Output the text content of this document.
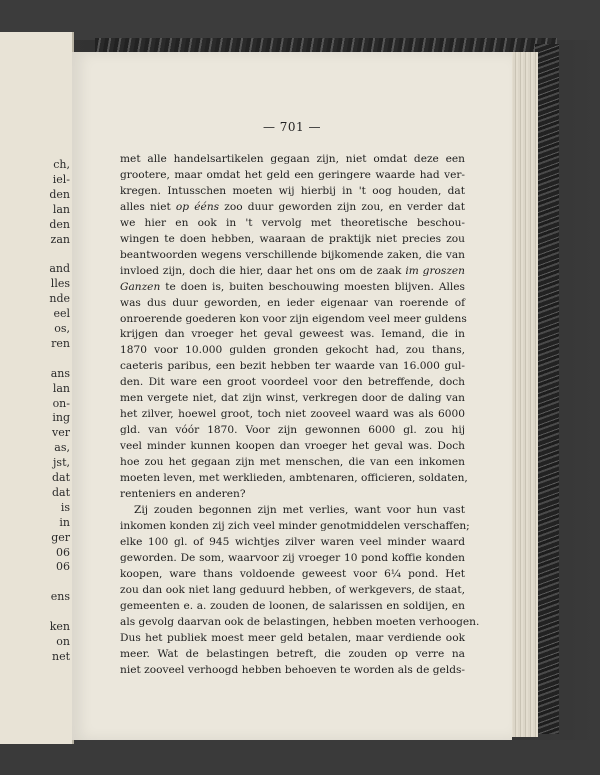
ch,
iel-
den
lan
den
zan

and
lles
nde
eel
os,
ren

ans
lan
on-
ing
ver
as,
jst,
dat
dat
is
in
ger
06
06

ens

ken
on
net
— 701 —
met alle handelsartikelen gegaan zijn, niet omdat deze een
grootere, maar omdat het geld een geringere waarde had ver-
kregen. Intusschen moeten wij hierbij in 't oog houden, dat
alles niet op ééns zoo duur geworden zijn zou, en verder dat
we hier en ook in 't vervolg met theoretische beschou-
wingen te doen hebben, waaraan de praktijk niet precies zou
beantwoorden wegens verschillende bijkomende zaken, die van
invloed zijn, doch die hier, daar het ons om de zaak im groszen
Ganzen te doen is, buiten beschouwing moesten blijven. Alles
was dus duur geworden, en ieder eigenaar van roerende of
onroerende goederen kon voor zijn eigendom veel meer guldens
krijgen dan vroeger het geval geweest was. Iemand, die in
1870 voor 10.000 gulden gronden gekocht had, zou thans,
caeteris paribus, een bezit hebben ter waarde van 16.000 gul-
den. Dit ware een groot voordeel voor den betreffende, doch
men vergete niet, dat zijn winst, verkregen door de daling van
het zilver, hoewel groot, toch niet zooveel waard was als 6000
gld. van vóór 1870. Voor zijn gewonnen 6000 gl. zou hij
veel minder kunnen koopen dan vroeger het geval was. Doch
hoe zou het gegaan zijn met menschen, die van een inkomen
moeten leven, met werklieden, ambtenaren, officieren, soldaten,
renteniers en anderen?
Zij zouden begonnen zijn met verlies, want voor hun vast
inkomen konden zij zich veel minder genotmiddelen verschaffen;
elke 100 gl. of 945 wichtjes zilver waren veel minder waard
geworden. De som, waarvoor zij vroeger 10 pond koffie konden
koopen, ware thans voldoende geweest voor 6¼ pond. Het
zou dan ook niet lang geduurd hebben, of werkgevers, de staat,
gemeenten e. a. zouden de loonen, de salarissen en soldijen, en
als gevolg daarvan ook de belastingen, hebben moeten verhoogen.
Dus het publiek moest meer geld betalen, maar verdiende ook
meer. Wat de belastingen betreft, die zouden op verre na
niet zooveel verhoogd hebben behoeven te worden als de gelds-
